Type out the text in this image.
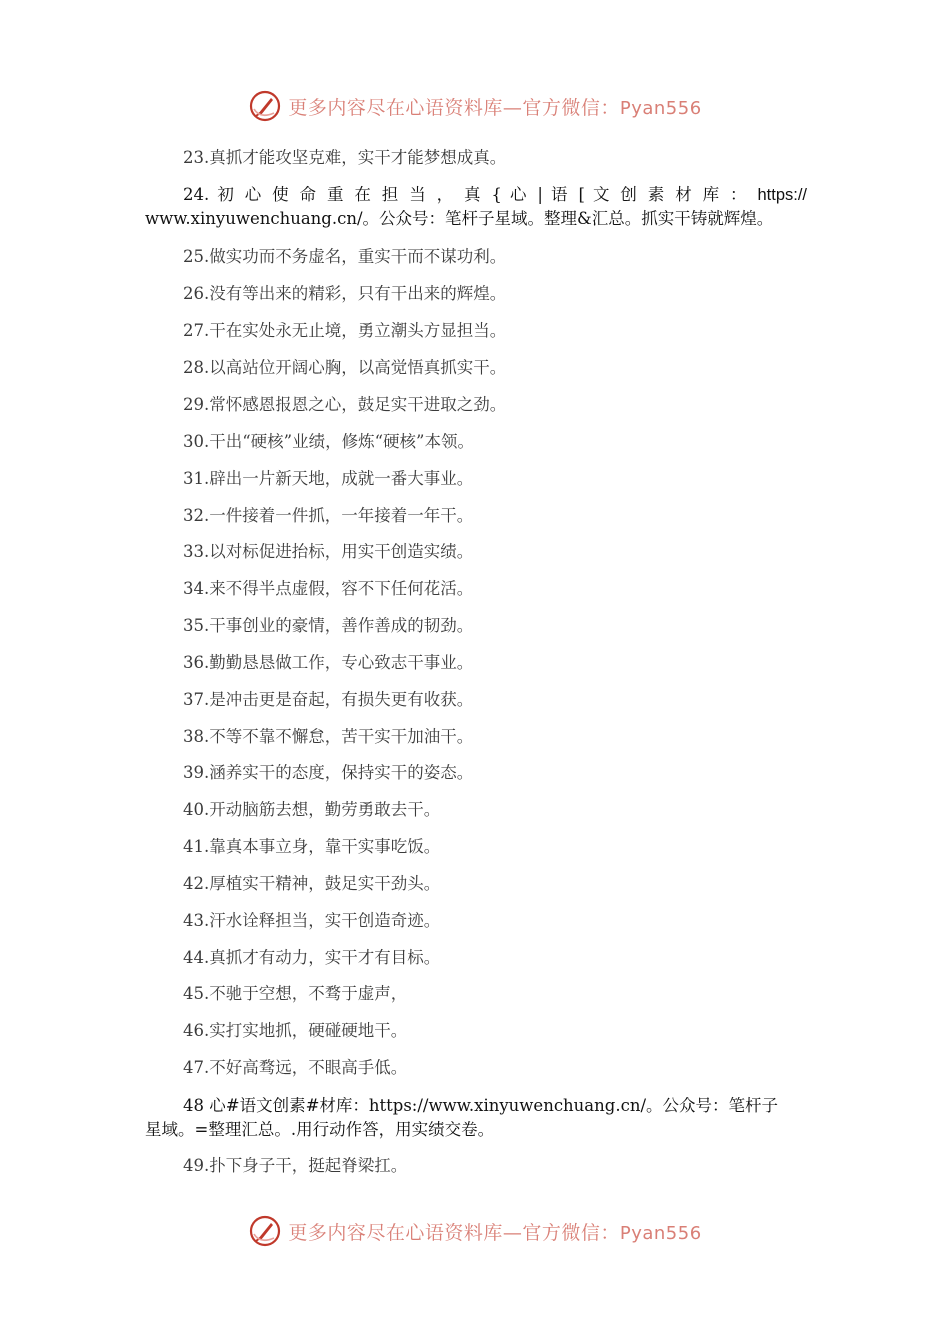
更多内容尽在心语资料库—官方微信：Pyan556
23.真抓才能攻坚克难，实干才能梦想成真。
24. 初 心 使 命 重 在 担 当 ， 真 { 心 | 语 [ 文 创 素 材 库 ： https://
www.xinyuwenchuang.cn/。公众号：笔杆子星域。整理&汇总。抓实干铸就辉煌。
25.做实功而不务虚名，重实干而不谋功利。
26.没有等出来的精彩，只有干出来的辉煌。
27.干在实处永无止境，勇立潮头方显担当。
28.以高站位开阔心胸，以高觉悟真抓实干。
29.常怀感恩报恩之心，鼓足实干进取之劲。
30.干出“硬核”业绩，修炼“硬核”本领。
31.辟出一片新天地，成就一番大事业。
32.一件接着一件抓，一年接着一年干。
33.以对标促进抬标，用实干创造实绩。
34.来不得半点虚假，容不下任何花活。
35.干事创业的豪情，善作善成的韧劲。
36.勤勤恳恳做工作，专心致志干事业。
37.是冲击更是奋起，有损失更有收获。
38.不等不靠不懈怠，苦干实干加油干。
39.涵养实干的态度，保持实干的姿态。
40.开动脑筋去想，勤劳勇敢去干。
41.靠真本事立身，靠干实事吃饭。
42.厚植实干精神，鼓足实干劲头。
43.汗水诠释担当，实干创造奇迹。
44.真抓才有动力，实干才有目标。
45.不驰于空想，不骛于虚声，
46.实打实地抓，硬碰硬地干。
47.不好高骛远，不眼高手低。
48 心#语文创素#材库：https://www.xinyuwenchuang.cn/。公众号：笔杆子
星域。=整理汇总。.用行动作答，用实绩交卷。
49.扑下身子干，挺起脊梁扛。
更多内容尽在心语资料库—官方微信：Pyan556
